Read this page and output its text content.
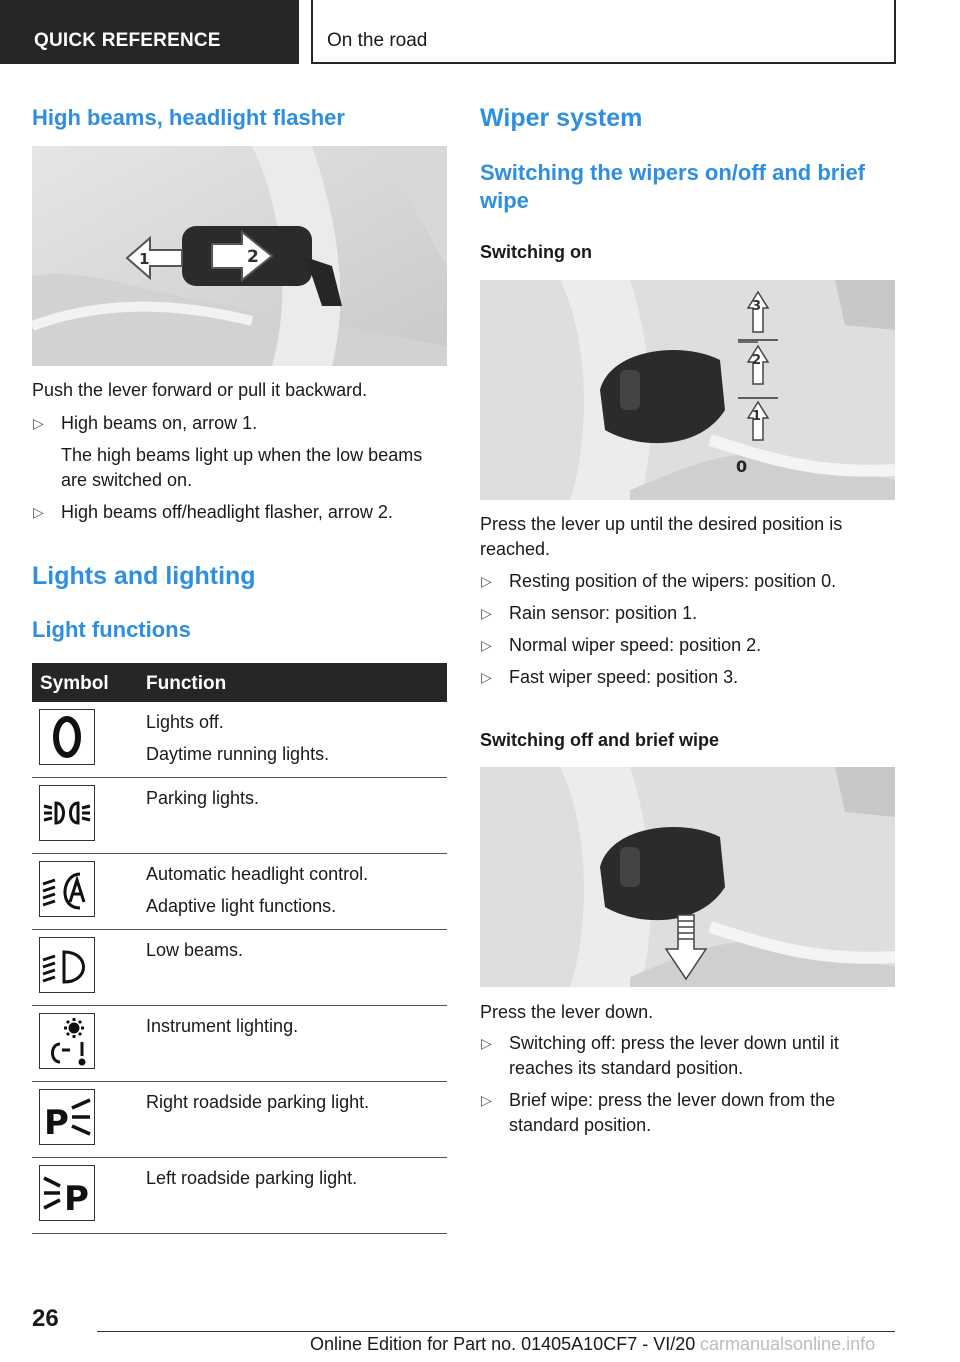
QUICK REFERENCE	On the road
High beams, headlight flasher
1	2
Push the lever forward or pull it backward.
▷ High beams on, arrow 1.
The high beams light up when the low beams are switched on.
▷ High beams off/headlight flasher, arrow 2.
Lights and lighting
Light functions
Symbol Function
Lights off.
Daytime running lights.
Parking lights.
Automatic headlight control.
Adaptive light functions.
Low beams.
Instrument lighting.
P
Right roadside parking light.
P
Left roadside parking light.
Wiper system
Switching the wipers on/off and brief wipe
Switching on
3
2
1
0
Press the lever up until the desired position is reached.
▷ Resting position of the wipers: position 0.
▷ Rain sensor: position 1.
▷ Normal wiper speed: position 2.
▷ Fast wiper speed: position 3.
Switching off and brief wipe
Press the lever down.
▷ Switching off: press the lever down until it reaches its standard position.
▷ Brief wipe: press the lever down from the standard position.
26
Online Edition for Part no. 01405A10CF7 - VI/20 carmanualsonline.info
